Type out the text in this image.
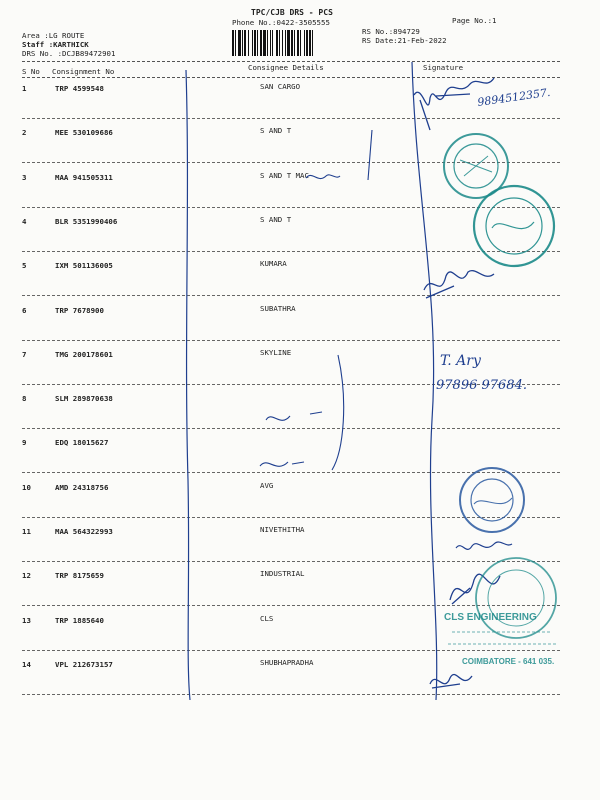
TPC/CJB DRS - PCS
Phone No.:0422-3505555	Page No.:1
Area :LG ROUTE
Staff :KARTHICK
DRS No. :DCJB89472901
RS No.:894729
RS Date:21-Feb-2022
S No Consignment No	Consignee Details	Signature
1	TRP 4599548	SAN CARGO
2	MEE 530109686	S AND T
3	MAA 941505311	S AND T MAC
4	BLR 5351990406	S AND T
5	IXM 501136005	KUMARA
6	TRP 7678900	SUBATHRA
7	TMG 200178601	SKYLINE
8	SLM 289870638
9	EDQ 18015627
10	AMD 24318756	AVG
11	MAA 564322993	NIVETHITHA
12	TRP 8175659	INDUSTRIAL
13	TRP 1885640	CLS
14	VPL 212673157	SHUBHAPRADHA
9894512357.
T. Ary
97896 97684.
CLS ENGINEERING
COIMBATORE - 641 035.
